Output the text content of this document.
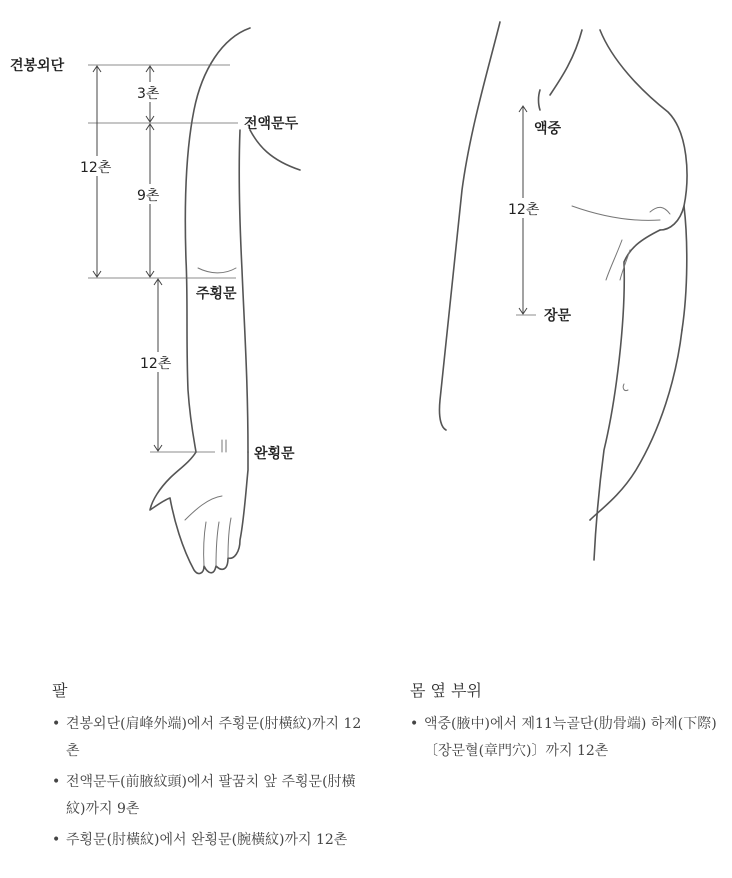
견봉외단
전액문두
주횡문
완횡문
3촌
12촌
9촌
12촌
액중
장문
12촌
팔
• 견봉외단(肩峰外端)에서 주횡문(肘橫紋)까지 12촌
• 전액문두(前腋紋頭)에서 팔꿈치 앞 주횡문(肘橫紋)까지 9촌
• 주횡문(肘橫紋)에서 완횡문(腕橫紋)까지 12촌
몸 옆 부위
• 액중(腋中)에서 제11늑골단(肋骨端) 하제(下際)〔장문혈(章門穴)〕까지 12촌
